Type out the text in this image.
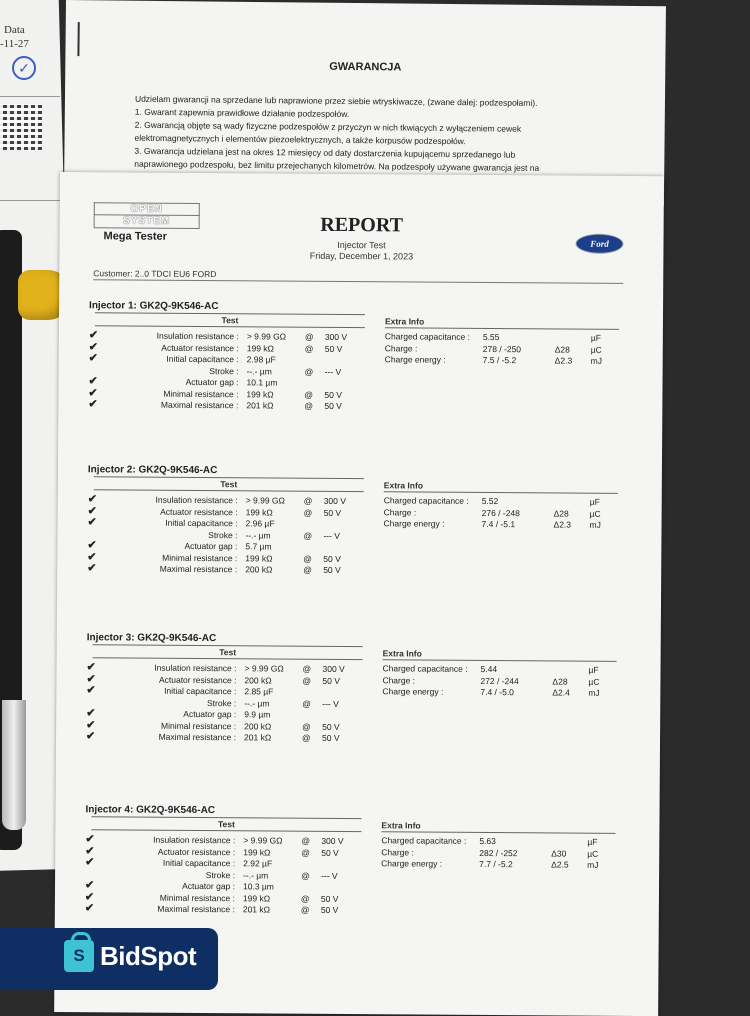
Data
-11-27
✓	GWARANCJA
Udzielam gwarancji na sprzedane lub naprawione przez siebie wtryskiwacze, (zwane dalej: podzespołami).
1. Gwarant zapewnia prawidłowe działanie podzespołów.
2. Gwarancją objęte są wady fizyczne podzespołów z przyczyn w nich tkwiących z wyłączeniem cewek
elektromagnetycznych i elementów piezoelektrycznych, a także korpusów podzespołów.
3. Gwarancja udzielana jest na okres 12 miesięcy od daty dostarczenia kupującemu sprzedanego lub
naprawionego podzespołu, bez limitu przejechanych kilometrów. Na podzespoły używane gwarancja jest na
OPEN
SYSTEM
Mega Tester
REPORT
Injector Test
Friday, December 1, 2023
Ford
Customer: 2..0 TDCI EU6 FORD
Injector 1: GK2Q-9K546-AC
Test
✔	Insulation resistance : > 9.99 GΩ @ 300 V
✔	Actuator resistance : 199 kΩ	@ 50 V
✔	Initial capacitance : 2.98 µF
Stroke : --.- µm	@ --- V
✔	Actuator gap : 10.1 µm
✔	Minimal resistance : 199 kΩ	@ 50 V
✔	Maximal resistance : 201 kΩ	@ 50 V
Extra Info
Charged capacitance : 5.55	µF
Charge :	278 / -250	Δ28 µC
Charge energy :	7.5 / -5.2	Δ2.3 mJ
Injector 2: GK2Q-9K546-AC
Test
✔	Insulation resistance : > 9.99 GΩ @ 300 V
✔	Actuator resistance : 199 kΩ	@ 50 V
✔	Initial capacitance : 2.96 µF
Stroke : --.- µm	@ --- V
✔	Actuator gap : 5.7 µm
✔	Minimal resistance : 199 kΩ	@ 50 V
✔	Maximal resistance : 200 kΩ	@ 50 V
Extra Info
Charged capacitance : 5.52	µF
Charge :	276 / -248	Δ28 µC
Charge energy :	7.4 / -5.1	Δ2.3 mJ
Injector 3: GK2Q-9K546-AC
Test
✔	Insulation resistance : > 9.99 GΩ @ 300 V
✔	Actuator resistance : 200 kΩ	@ 50 V
✔	Initial capacitance : 2.85 µF
Stroke : --.- µm	@ --- V
✔	Actuator gap : 9.9 µm
✔	Minimal resistance : 200 kΩ	@ 50 V
✔	Maximal resistance : 201 kΩ	@ 50 V
Extra Info
Charged capacitance : 5.44	µF
Charge :	272 / -244	Δ28 µC
Charge energy :	7.4 / -5.0	Δ2.4 mJ
Injector 4: GK2Q-9K546-AC
Test
✔	Insulation resistance : > 9.99 GΩ @ 300 V
✔	Actuator resistance : 199 kΩ	@ 50 V
✔	Initial capacitance : 2.92 µF
Stroke : --.- µm	@ --- V
✔	Actuator gap : 10.3 µm
✔	Minimal resistance : 199 kΩ	@ 50 V
✔	Maximal resistance : 201 kΩ	@ 50 V
Extra Info
Charged capacitance : 5.63	µF
Charge :	282 / -252	Δ30 µC
Charge energy :	7.7 / -5.2	Δ2.5 mJ
S BidSpot
